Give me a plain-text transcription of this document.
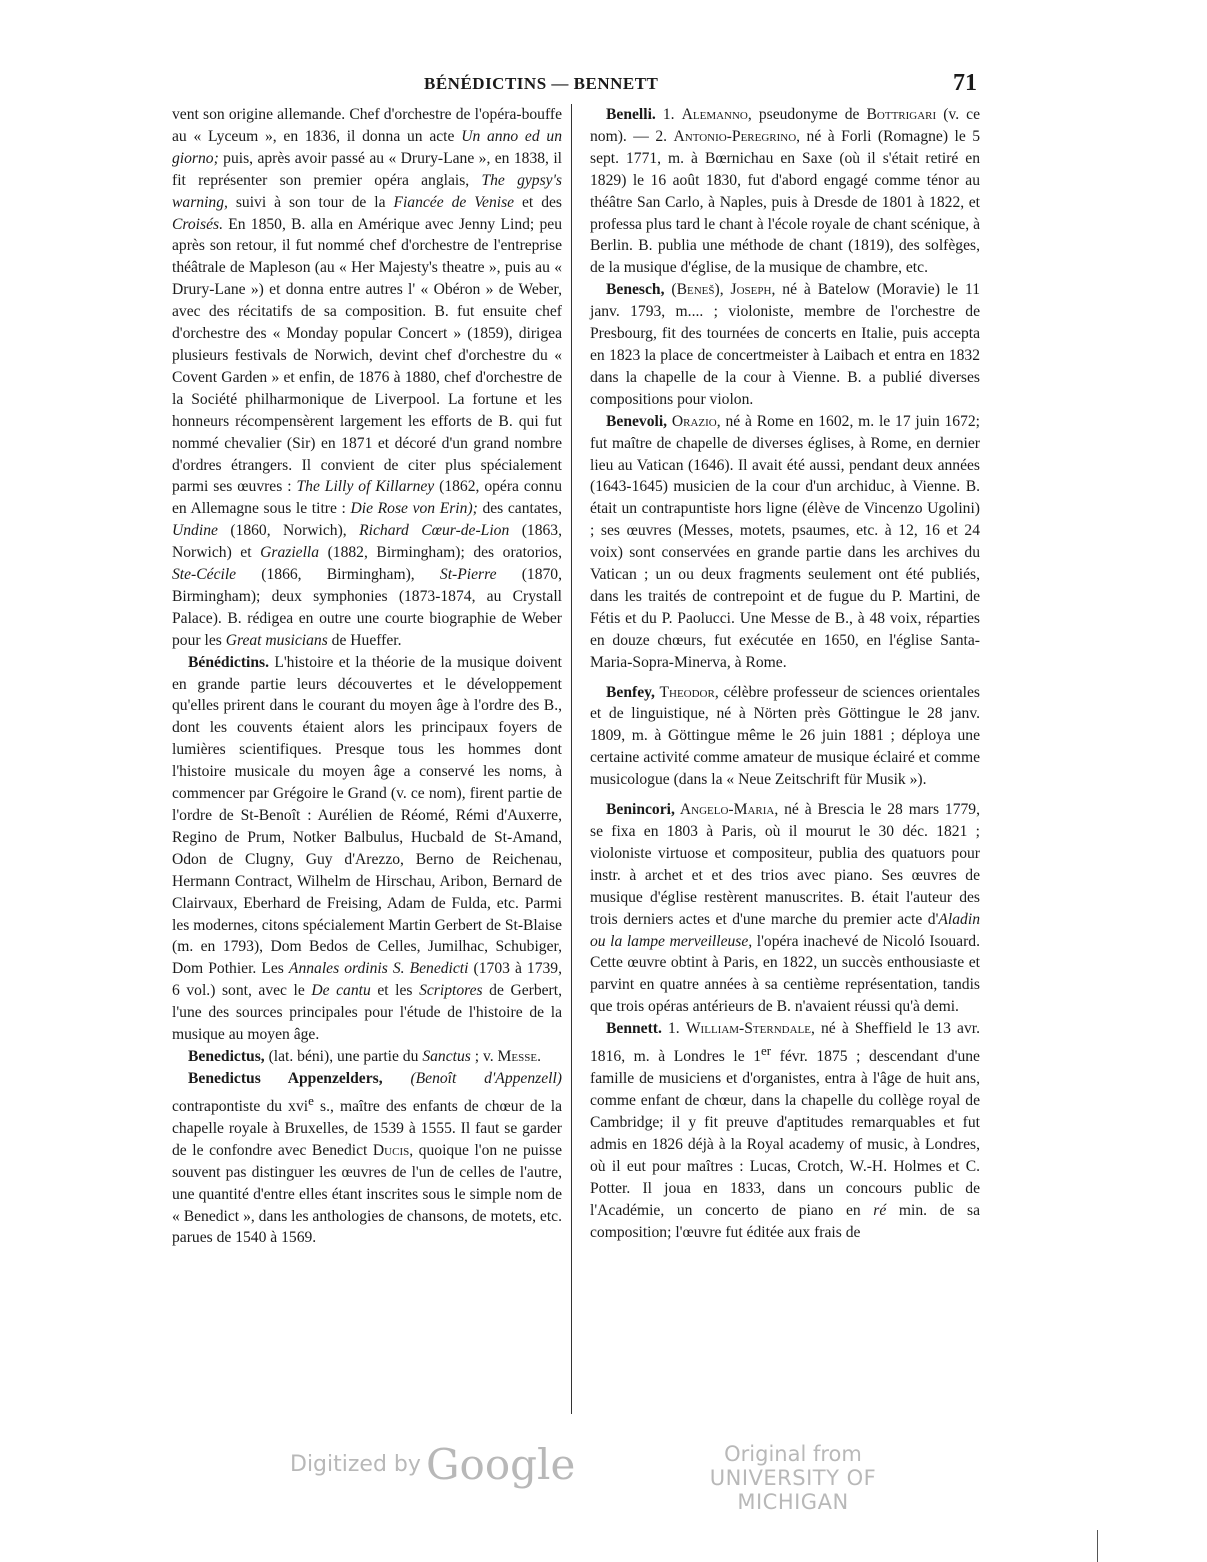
BÉNÉDICTINS — BENNETT	71

vent son origine allemande. Chef d'orchestre de l'opéra-bouffe au « Lyceum », en 1836, il donna un acte Un anno ed un giorno; puis, après avoir passé au « Drury-Lane », en 1838, il fit représenter son premier opéra anglais, The gypsy's warning, suivi à son tour de la Fiancée de Venise et des Croisés. En 1850, B. alla en Amérique avec Jenny Lind; peu après son retour, il fut nommé chef d'orchestre de l'entreprise théâtrale de Mapleson (au « Her Majesty's theatre », puis au « Drury-Lane ») et donna entre autres l' « Obéron » de Weber, avec des récitatifs de sa composition. B. fut ensuite chef d'orchestre des « Monday popular Concert » (1859), dirigea plusieurs festivals de Norwich, devint chef d'orchestre du « Covent Garden » et enfin, de 1876 à 1880, chef d'orchestre de la Société philharmonique de Liverpool. La fortune et les honneurs récompensèrent largement les efforts de B. qui fut nommé chevalier (Sir) en 1871 et décoré d'un grand nombre d'ordres étrangers. Il convient de citer plus spécialement parmi ses œuvres : The Lilly of Killarney (1862, opéra connu en Allemagne sous le titre : Die Rose von Erin); des cantates, Undine (1860, Norwich), Richard Cœur-de-Lion (1863, Norwich) et Graziella (1882, Birmingham); des oratorios, Ste-Cécile (1866, Birmingham), St-Pierre (1870, Birmingham); deux symphonies (1873-1874, au Crystall Palace). B. rédigea en outre une courte biographie de Weber pour les Great musicians de Hueffer.

Bénédictins. L'histoire et la théorie de la musique doivent en grande partie leurs découvertes et le développement qu'elles prirent dans le courant du moyen âge à l'ordre des B., dont les couvents étaient alors les principaux foyers de lumières scientifiques. Presque tous les hommes dont l'histoire musicale du moyen âge a conservé les noms, à commencer par Grégoire le Grand (v. ce nom), firent partie de l'ordre de St-Benoît : Aurélien de Réomé, Rémi d'Auxerre, Regino de Prum, Notker Balbulus, Hucbald de St-Amand, Odon de Clugny, Guy d'Arezzo, Berno de Reichenau, Hermann Contract, Wilhelm de Hirschau, Aribon, Bernard de Clairvaux, Eberhard de Freising, Adam de Fulda, etc. Parmi les modernes, citons spécialement Martin Gerbert de St-Blaise (m. en 1793), Dom Bedos de Celles, Jumilhac, Schubiger, Dom Pothier. Les Annales ordinis S. Benedicti (1703 à 1739, 6 vol.) sont, avec le De cantu et les Scriptores de Gerbert, l'une des sources principales pour l'étude de l'histoire de la musique au moyen âge.

Benedictus, (lat. béni), une partie du Sanctus ; v. Messe.

Benedictus Appenzelders, (Benoît d'Appenzell) contrapontiste du xvi$^e$ s., maître des enfants de chœur de la chapelle royale à Bruxelles, de 1539 à 1555. Il faut se garder de le confondre avec Benedict Ducis, quoique l'on ne puisse souvent pas distinguer les œuvres de l'un de celles de l'autre, une quantité d'entre elles étant inscrites sous le simple nom de « Benedict », dans les anthologies de chansons, de motets, etc. parues de 1540 à 1569.

Benelli. 1. Alemanno, pseudonyme de Bottrigari (v. ce nom). — 2. Antonio-Peregrino, né à Forli (Romagne) le 5 sept. 1771, m. à Bœrnichau en Saxe (où il s'était retiré en 1829) le 16 août 1830, fut d'abord engagé comme ténor au théâtre San Carlo, à Naples, puis à Dresde de 1801 à 1822, et professa plus tard le chant à l'école royale de chant scénique, à Berlin. B. publia une méthode de chant (1819), des solfèges, de la musique d'église, de la musique de chambre, etc.

Benesch, (Beneš), Joseph, né à Batelow (Moravie) le 11 janv. 1793, m.... ; violoniste, membre de l'orchestre de Presbourg, fit des tournées de concerts en Italie, puis accepta en 1823 la place de concertmeister à Laibach et entra en 1832 dans la chapelle de la cour à Vienne. B. a publié diverses compositions pour violon.

Benevoli, Orazio, né à Rome en 1602, m. le 17 juin 1672; fut maître de chapelle de diverses églises, à Rome, en dernier lieu au Vatican (1646). Il avait été aussi, pendant deux années (1643-1645) musicien de la cour d'un archiduc, à Vienne. B. était un contrapuntiste hors ligne (élève de Vincenzo Ugolini) ; ses œuvres (Messes, motets, psaumes, etc. à 12, 16 et 24 voix) sont conservées en grande partie dans les archives du Vatican ; un ou deux fragments seulement ont été publiés, dans les traités de contrepoint et de fugue du P. Martini, de Fétis et du P. Paolucci. Une Messe de B., à 48 voix, réparties en douze chœurs, fut exécutée en 1650, en l'église Santa-Maria-Sopra-Minerva, à Rome.

Benfey, Theodor, célèbre professeur de sciences orientales et de linguistique, né à Nörten près Göttingue le 28 janv. 1809, m. à Göttingue même le 26 juin 1881 ; déploya une certaine activité comme amateur de musique éclairé et comme musicologue (dans la « Neue Zeitschrift für Musik »).

Benincori, Angelo-Maria, né à Brescia le 28 mars 1779, se fixa en 1803 à Paris, où il mourut le 30 déc. 1821 ; violoniste virtuose et compositeur, publia des quatuors pour instr. à archet et et des trios avec piano. Ses œuvres de musique d'église restèrent manuscrites. B. était l'auteur des trois derniers actes et d'une marche du premier acte d'Aladin ou la lampe merveilleuse, l'opéra inachevé de Nicoló Isouard. Cette œuvre obtint à Paris, en 1822, un succès enthousiaste et parvint en quatre années à sa centième représentation, tandis que trois opéras antérieurs de B. n'avaient réussi qu'à demi.

Bennett. 1. William-Sterndale, né à Sheffield le 13 avr. 1816, m. à Londres le 1er févr. 1875 ; descendant d'une famille de musiciens et d'organistes, entra à l'âge de huit ans, comme enfant de chœur, dans la chapelle du collège royal de Cambridge; il y fit preuve d'aptitudes remarquables et fut admis en 1826 déjà à la Royal academy of music, à Londres, où il eut pour maîtres : Lucas, Crotch, W.-H. Holmes et C. Potter. Il joua en 1833, dans un concours public de l'Académie, un concerto de piano en ré min. de sa composition; l'œuvre fut éditée aux frais de

Digitized by Google	Original from
UNIVERSITY OF MICHIGAN
